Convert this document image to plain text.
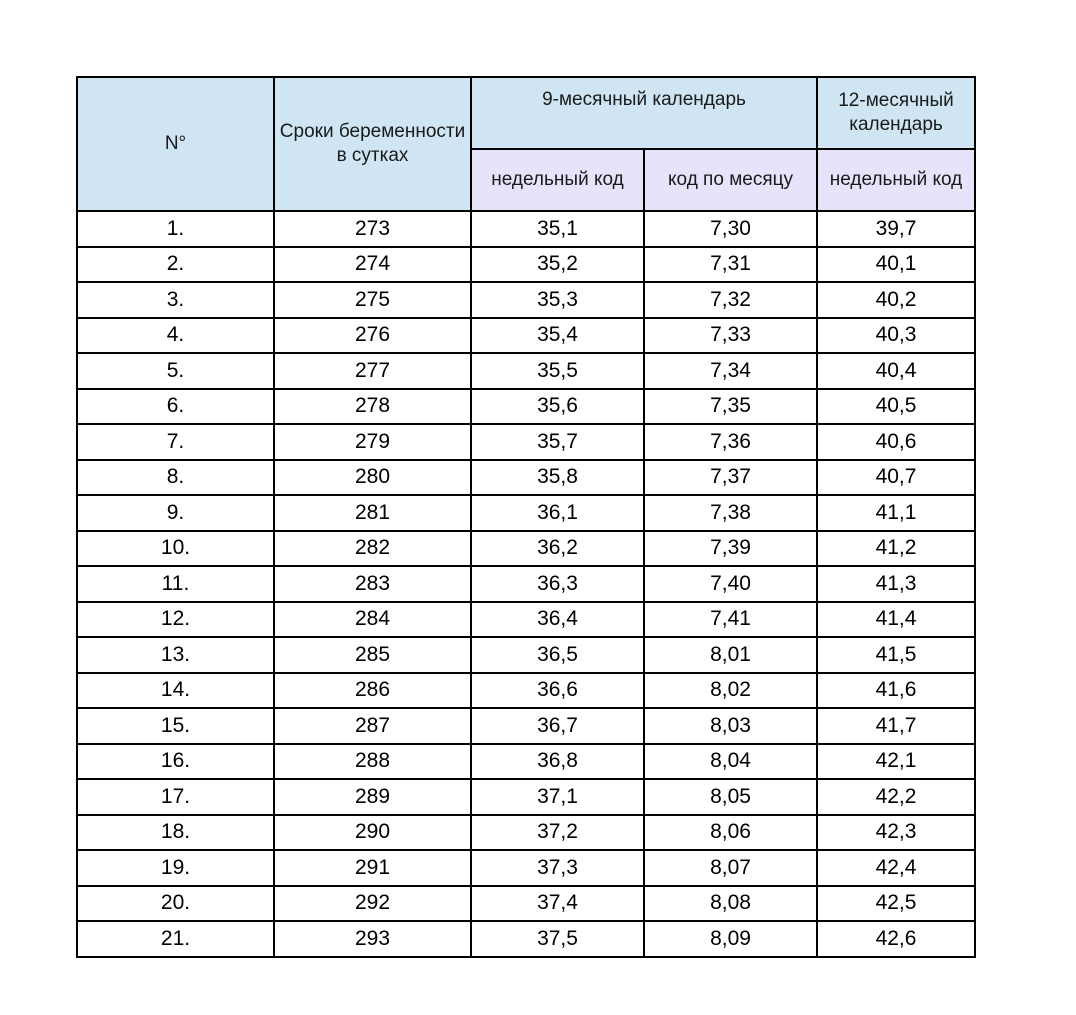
N°	Сроки беременности в сутках	9-месячный календарь		12-месячный календарь
		недельный код	код по месяцу	недельный код
1.	273	35,1	7,30	39,7
2.	274	35,2	7,31	40,1
3.	275	35,3	7,32	40,2
4.	276	35,4	7,33	40,3
5.	277	35,5	7,34	40,4
6.	278	35,6	7,35	40,5
7.	279	35,7	7,36	40,6
8.	280	35,8	7,37	40,7
9.	281	36,1	7,38	41,1
10.	282	36,2	7,39	41,2
11.	283	36,3	7,40	41,3
12.	284	36,4	7,41	41,4
13.	285	36,5	8,01	41,5
14.	286	36,6	8,02	41,6
15.	287	36,7	8,03	41,7
16.	288	36,8	8,04	42,1
17.	289	37,1	8,05	42,2
18.	290	37,2	8,06	42,3
19.	291	37,3	8,07	42,4
20.	292	37,4	8,08	42,5
21.	293	37,5	8,09	42,6
